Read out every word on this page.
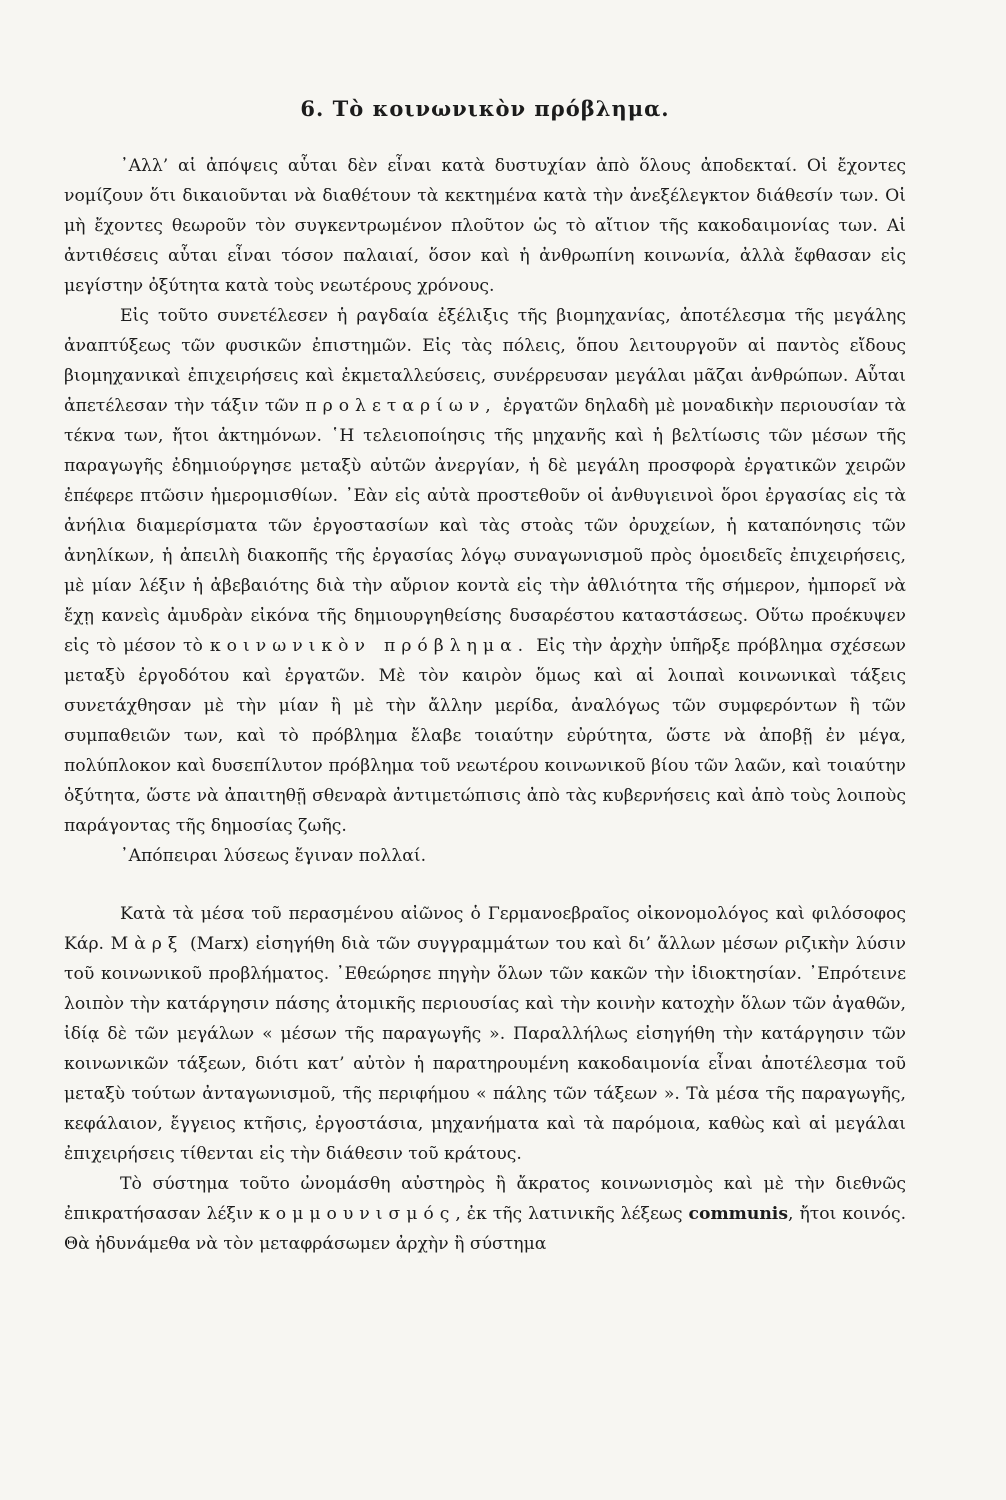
6. Τὸ κοινωνικὸν πρόβλημα.

᾿Αλλ’ αἱ ἀπόψεις αὗται δὲν εἶναι κατὰ δυστυχίαν ἀπὸ ὅλους ἀποδεκταί. Οἱ ἔχοντες νομίζουν ὅτι δικαιοῦνται νὰ διαθέτουν τὰ κεκτημένα κατὰ τὴν ἀνεξέλεγκτον διάθεσίν των. Οἱ μὴ ἔχοντες θεωροῦν τὸν συγκεντρωμένον πλοῦτον ὡς τὸ αἴτιον τῆς κακοδαιμονίας των. Αἱ ἀντιθέσεις αὗται εἶναι τόσον παλαιαί, ὅσον καὶ ἡ ἀνθρωπίνη κοινωνία, ἀλλὰ ἔφθασαν εἰς μεγίστην ὀξύτητα κατὰ τοὺς νεωτέρους χρόνους.

Εἰς τοῦτο συνετέλεσεν ἡ ραγδαία ἐξέλιξις τῆς βιομηχανίας, ἀποτέλεσμα τῆς μεγάλης ἀναπτύξεως τῶν φυσικῶν ἐπιστημῶν. Εἰς τὰς πόλεις, ὅπου λειτουργοῦν αἱ παντὸς εἴδους βιομηχανικαὶ ἐπιχειρήσεις καὶ ἐκμεταλλεύσεις, συνέρρευσαν μεγάλαι μᾶζαι ἀνθρώπων. Αὗται ἀπετέλεσαν τὴν τάξιν τῶν προλεταρίων, ἐργατῶν δηλαδὴ μὲ μοναδικὴν περιουσίαν τὰ τέκνα των, ἤτοι ἀκτημόνων. ῾Η τελειοποίησις τῆς μηχανῆς καὶ ἡ βελτίωσις τῶν μέσων τῆς παραγωγῆς ἐδημιούργησε μεταξὺ αὐτῶν ἀνεργίαν, ἡ δὲ μεγάλη προσφορὰ ἐργατικῶν χειρῶν ἐπέφερε πτῶσιν ἡμερομισθίων. ᾿Εὰν εἰς αὐτὰ προστεθοῦν οἱ ἀνθυγιεινοὶ ὅροι ἐργασίας εἰς τὰ ἀνήλια διαμερίσματα τῶν ἐργοστασίων καὶ τὰς στοὰς τῶν ὀρυχείων, ἡ καταπόνησις τῶν ἀνηλίκων, ἡ ἀπειλὴ διακοπῆς τῆς ἐργασίας λόγῳ συναγωνισμοῦ πρὸς ὁμοειδεῖς ἐπιχειρήσεις, μὲ μίαν λέξιν ἡ ἀβεβαιότης διὰ τὴν αὔριον κοντὰ εἰς τὴν ἀθλιότητα τῆς σήμερον, ἠμπορεῖ νὰ ἔχῃ κανεὶς ἀμυδρὰν εἰκόνα τῆς δημιουργηθείσης δυσαρέστου καταστάσεως. Οὕτω προέκυψεν εἰς τὸ μέσον τὸ κοινωνικὸν πρόβλημα. Εἰς τὴν ἀρχὴν ὑπῆρξε πρόβλημα σχέσεων μεταξὺ ἐργοδότου καὶ ἐργατῶν. Μὲ τὸν καιρὸν ὅμως καὶ αἱ λοιπαὶ κοινωνικαὶ τάξεις συνετάχθησαν μὲ τὴν μίαν ἢ μὲ τὴν ἄλλην μερίδα, ἀναλόγως τῶν συμφερόντων ἢ τῶν συμπαθειῶν των, καὶ τὸ πρόβλημα ἔλαβε τοιαύτην εὐρύτητα, ὥστε νὰ ἀποβῇ ἐν μέγα, πολύπλοκον καὶ δυσεπίλυτον πρόβλημα τοῦ νεωτέρου κοινωνικοῦ βίου τῶν λαῶν, καὶ τοιαύτην ὀξύτητα, ὥστε νὰ ἀπαιτηθῇ σθεναρὰ ἀντιμετώπισις ἀπὸ τὰς κυβερνήσεις καὶ ἀπὸ τοὺς λοιποὺς παράγοντας τῆς δημοσίας ζωῆς.

᾿Απόπειραι λύσεως ἔγιναν πολλαί.

Κατὰ τὰ μέσα τοῦ περασμένου αἰῶνος ὁ Γερμανοεβραῖος οἰκονομολόγος καὶ φιλόσοφος Κάρ. Μὰρξ (Marx) εἰσηγήθη διὰ τῶν συγγραμμάτων του καὶ δι’ ἄλλων μέσων ριζικὴν λύσιν τοῦ κοινωνικοῦ προβλήματος. ᾿Εθεώρησε πηγὴν ὅλων τῶν κακῶν τὴν ἰδιοκτησίαν. ᾿Επρότεινε λοιπὸν τὴν κατάργησιν πάσης ἀτομικῆς περιουσίας καὶ τὴν κοινὴν κατοχὴν ὅλων τῶν ἀγαθῶν, ἰδίᾳ δὲ τῶν μεγάλων « μέσων τῆς παραγωγῆς ». Παραλλήλως εἰσηγήθη τὴν κατάργησιν τῶν κοινωνικῶν τάξεων, διότι κατ’ αὐτὸν ἡ παρατηρουμένη κακοδαιμονία εἶναι ἀποτέλεσμα τοῦ μεταξὺ τούτων ἀνταγωνισμοῦ, τῆς περιφήμου « πάλης τῶν τάξεων ». Τὰ μέσα τῆς παραγωγῆς, κεφάλαιον, ἔγγειος κτῆσις, ἐργοστάσια, μηχανήματα καὶ τὰ παρόμοια, καθὼς καὶ αἱ μεγάλαι ἐπιχειρήσεις τίθενται εἰς τὴν διάθεσιν τοῦ κράτους.

Τὸ σύστημα τοῦτο ὠνομάσθη αὐστηρὸς ἢ ἄκρατος κοινωνισμὸς καὶ μὲ τὴν διεθνῶς ἐπικρατήσασαν λέξιν κομμουνισμός, ἐκ τῆς λατινικῆς λέξεως communis, ἤτοι κοινός. Θὰ ἠδυνάμεθα νὰ τὸν μεταφράσωμεν ἀρχὴν ἢ σύστημα
